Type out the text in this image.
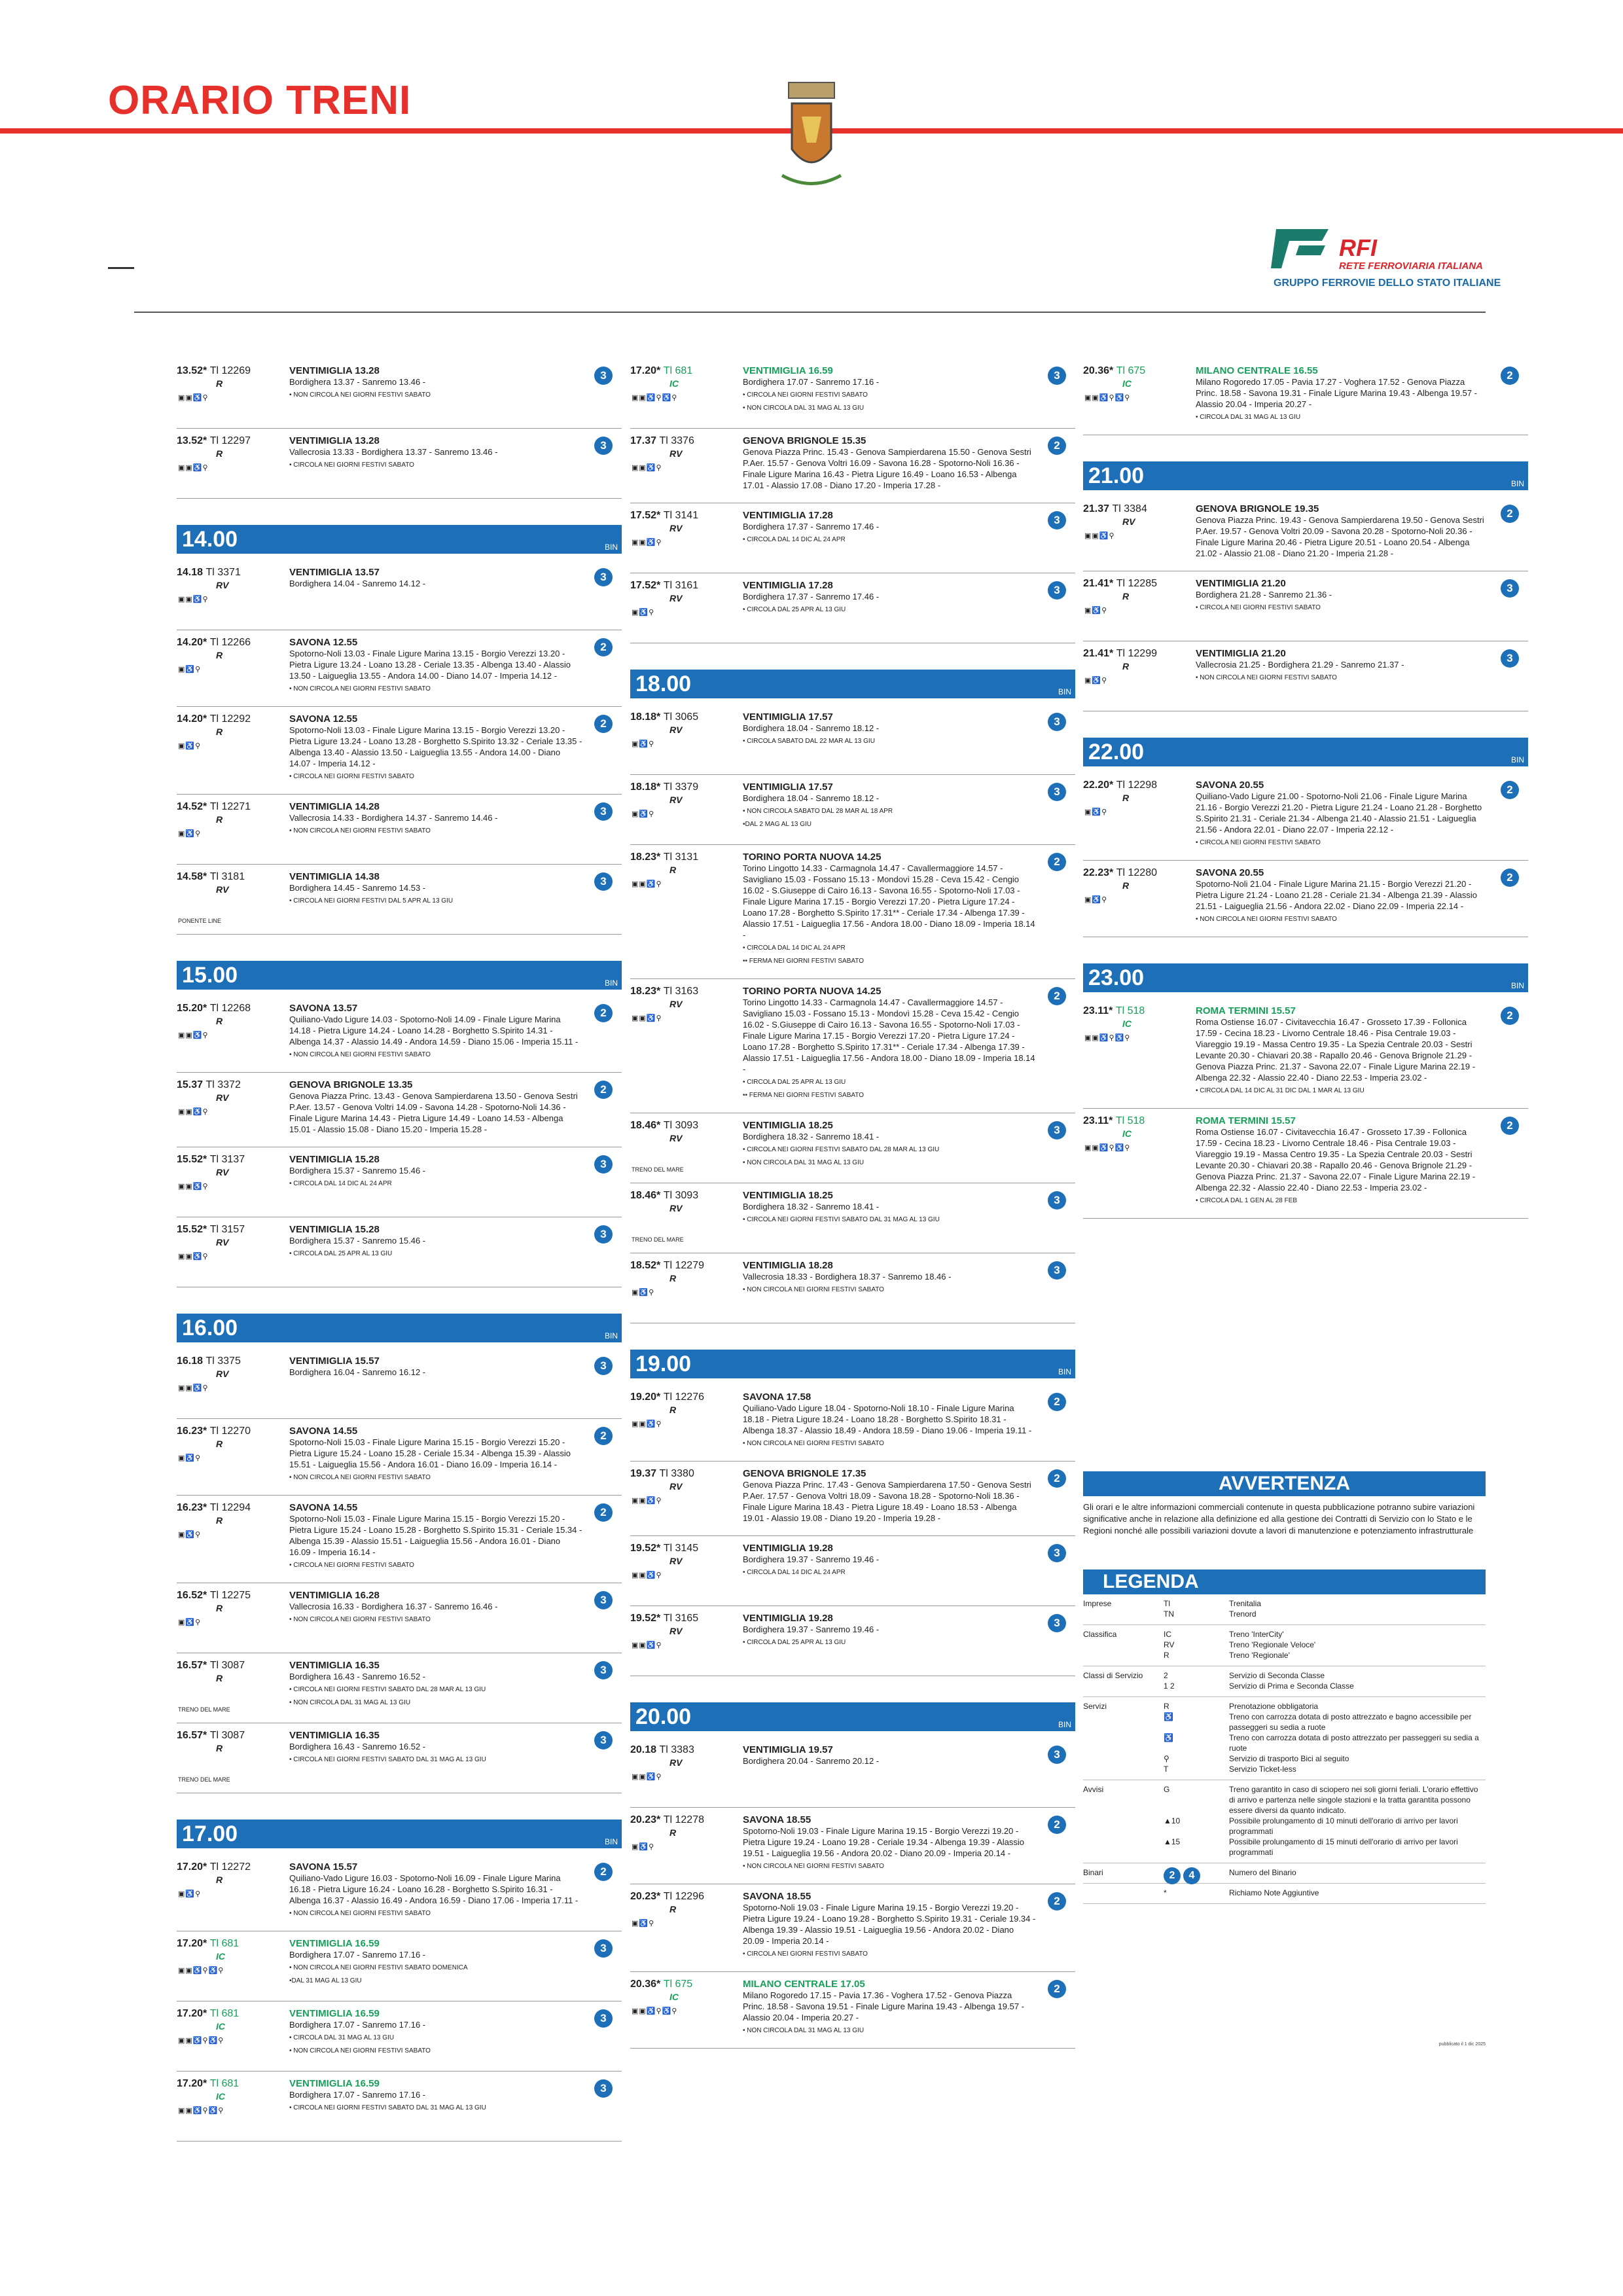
ORARIO TRENI
RFI
RETE FERROVIARIA ITALIANA
GRUPPO FERROVIE DELLO STATO ITALIANE
13.52* Tl 12269
R
▣▣♿⚲
VENTIMIGLIA 13.28
Bordighera 13.37 - Sanremo 13.46 -
• NON CIRCOLA NEI GIORNI FESTIVI SABATO
3
13.52* Tl 12297
R
▣▣♿⚲
VENTIMIGLIA 13.28
Vallecrosia 13.33 - Bordighera 13.37 - Sanremo 13.46 -
• CIRCOLA NEI GIORNI FESTIVI SABATO
3
14.00	BIN
14.18 Tl 3371
RV
▣▣♿⚲
VENTIMIGLIA 13.57
Bordighera 14.04 - Sanremo 14.12 -
3
14.20* Tl 12266
R
▣♿⚲
SAVONA 12.55
Spotorno-Noli 13.03 - Finale Ligure Marina 13.15 - Borgio Verezzi 13.20 - Pietra Ligure 13.24 - Loano 13.28 - Ceriale 13.35 - Albenga 13.40 - Alassio 13.50 - Laigueglia 13.55 - Andora 14.00 - Diano 14.07 - Imperia 14.12 -
• NON CIRCOLA NEI GIORNI FESTIVI SABATO
2
14.20* Tl 12292
R
▣♿⚲
SAVONA 12.55
Spotorno-Noli 13.03 - Finale Ligure Marina 13.15 - Borgio Verezzi 13.20 - Pietra Ligure 13.24 - Loano 13.28 - Borghetto S.Spirito 13.32 - Ceriale 13.35 - Albenga 13.40 - Alassio 13.50 - Laigueglia 13.55 - Andora 14.00 - Diano 14.07 - Imperia 14.12 -
• CIRCOLA NEI GIORNI FESTIVI SABATO
2
14.52* Tl 12271
R
▣♿⚲
VENTIMIGLIA 14.28
Vallecrosia 14.33 - Bordighera 14.37 - Sanremo 14.46 -
• NON CIRCOLA NEI GIORNI FESTIVI SABATO
3
14.58* Tl 3181
RV
PONENTE LINE
VENTIMIGLIA 14.38
Bordighera 14.45 - Sanremo 14.53 -
• CIRCOLA NEI GIORNI FESTIVI DAL 5 APR AL 13 GIU
3
15.00	BIN
15.20* Tl 12268
R
▣▣♿⚲
SAVONA 13.57
Quiliano-Vado Ligure 14.03 - Spotorno-Noli 14.09 - Finale Ligure Marina 14.18 - Pietra Ligure 14.24 - Loano 14.28 - Borghetto S.Spirito 14.31 - Albenga 14.37 - Alassio 14.49 - Andora 14.59 - Diano 15.06 - Imperia 15.11 -
• NON CIRCOLA NEI GIORNI FESTIVI SABATO
2
15.37 Tl 3372
RV
▣▣♿⚲
GENOVA BRIGNOLE 13.35
Genova Piazza Princ. 13.43 - Genova Sampierdarena 13.50 - Genova Sestri P.Aer. 13.57 - Genova Voltri 14.09 - Savona 14.28 - Spotorno-Noli 14.36 - Finale Ligure Marina 14.43 - Pietra Ligure 14.49 - Loano 14.53 - Albenga 15.01 - Alassio 15.08 - Diano 15.20 - Imperia 15.28 -
2
15.52* Tl 3137
RV
▣▣♿⚲
VENTIMIGLIA 15.28
Bordighera 15.37 - Sanremo 15.46 -
• CIRCOLA DAL 14 DIC AL 24 APR
3
15.52* Tl 3157
RV
▣▣♿⚲
VENTIMIGLIA 15.28
Bordighera 15.37 - Sanremo 15.46 -
• CIRCOLA DAL 25 APR AL 13 GIU
3
16.00	BIN
16.18 Tl 3375
RV
▣▣♿⚲
VENTIMIGLIA 15.57
Bordighera 16.04 - Sanremo 16.12 -
3
16.23* Tl 12270
R
▣♿⚲
SAVONA 14.55
Spotorno-Noli 15.03 - Finale Ligure Marina 15.15 - Borgio Verezzi 15.20 - Pietra Ligure 15.24 - Loano 15.28 - Ceriale 15.34 - Albenga 15.39 - Alassio 15.51 - Laigueglia 15.56 - Andora 16.01 - Diano 16.09 - Imperia 16.14 -
• NON CIRCOLA NEI GIORNI FESTIVI SABATO
2
16.23* Tl 12294
R
▣♿⚲
SAVONA 14.55
Spotorno-Noli 15.03 - Finale Ligure Marina 15.15 - Borgio Verezzi 15.20 - Pietra Ligure 15.24 - Loano 15.28 - Borghetto S.Spirito 15.31 - Ceriale 15.34 - Albenga 15.39 - Alassio 15.51 - Laigueglia 15.56 - Andora 16.01 - Diano 16.09 - Imperia 16.14 -
• CIRCOLA NEI GIORNI FESTIVI SABATO
2
16.52* Tl 12275
R
▣♿⚲
VENTIMIGLIA 16.28
Vallecrosia 16.33 - Bordighera 16.37 - Sanremo 16.46 -
• NON CIRCOLA NEI GIORNI FESTIVI SABATO
3
16.57* Tl 3087
R
TRENO DEL MARE
VENTIMIGLIA 16.35
Bordighera 16.43 - Sanremo 16.52 -
• CIRCOLA NEI GIORNI FESTIVI SABATO DAL 28 MAR AL 13 GIU
• NON CIRCOLA DAL 31 MAG AL 13 GIU
3
16.57* Tl 3087
R
TRENO DEL MARE
VENTIMIGLIA 16.35
Bordighera 16.43 - Sanremo 16.52 -
• CIRCOLA NEI GIORNI FESTIVI SABATO DAL 31 MAG AL 13 GIU
3
17.00	BIN
17.20* Tl 12272
R
▣♿⚲
SAVONA 15.57
Quiliano-Vado Ligure 16.03 - Spotorno-Noli 16.09 - Finale Ligure Marina 16.18 - Pietra Ligure 16.24 - Loano 16.28 - Borghetto S.Spirito 16.31 - Albenga 16.37 - Alassio 16.49 - Andora 16.59 - Diano 17.06 - Imperia 17.11 -
• NON CIRCOLA NEI GIORNI FESTIVI SABATO
2
17.20* Tl 681
IC
▣▣♿⚲♿⚲
VENTIMIGLIA 16.59
Bordighera 17.07 - Sanremo 17.16 -
• NON CIRCOLA NEI GIORNI FESTIVI SABATO DOMENICA
•DAL 31 MAG AL 13 GIU
3
17.20* Tl 681
IC
▣▣♿⚲♿⚲
VENTIMIGLIA 16.59
Bordighera 17.07 - Sanremo 17.16 -
• CIRCOLA DAL 31 MAG AL 13 GIU
• NON CIRCOLA NEI GIORNI FESTIVI SABATO
3
17.20* Tl 681
IC
▣▣♿⚲♿⚲
VENTIMIGLIA 16.59
Bordighera 17.07 - Sanremo 17.16 -
• CIRCOLA NEI GIORNI FESTIVI SABATO DAL 31 MAG AL 13 GIU
3
17.20* Tl 681
IC
▣▣♿⚲♿⚲
VENTIMIGLIA 16.59
Bordighera 17.07 - Sanremo 17.16 -
• CIRCOLA NEI GIORNI FESTIVI SABATO
• NON CIRCOLA DAL 31 MAG AL 13 GIU
3
17.37 Tl 3376
RV
▣▣♿⚲
GENOVA BRIGNOLE 15.35
Genova Piazza Princ. 15.43 - Genova Sampierdarena 15.50 - Genova Sestri P.Aer. 15.57 - Genova Voltri 16.09 - Savona 16.28 - Spotorno-Noli 16.36 - Finale Ligure Marina 16.43 - Pietra Ligure 16.49 - Loano 16.53 - Albenga 17.01 - Alassio 17.08 - Diano 17.20 - Imperia 17.28 -
2
17.52* Tl 3141
RV
▣▣♿⚲
VENTIMIGLIA 17.28
Bordighera 17.37 - Sanremo 17.46 -
• CIRCOLA DAL 14 DIC AL 24 APR
3
17.52* Tl 3161
RV
▣♿⚲
VENTIMIGLIA 17.28
Bordighera 17.37 - Sanremo 17.46 -
• CIRCOLA DAL 25 APR AL 13 GIU
3
18.00	BIN
18.18* Tl 3065
RV
▣♿⚲
VENTIMIGLIA 17.57
Bordighera 18.04 - Sanremo 18.12 -
• CIRCOLA SABATO DAL 22 MAR AL 13 GIU
3
18.18* Tl 3379
RV
▣♿⚲
VENTIMIGLIA 17.57
Bordighera 18.04 - Sanremo 18.12 -
• NON CIRCOLA SABATO DAL 28 MAR AL 18 APR
•DAL 2 MAG AL 13 GIU
3
18.23* Tl 3131
R
▣▣♿⚲
TORINO PORTA NUOVA 14.25
Torino Lingotto 14.33 - Carmagnola 14.47 - Cavallermaggiore 14.57 - Savigliano 15.03 - Fossano 15.13 - Mondovì 15.28 - Ceva 15.42 - Cengio 16.02 - S.Giuseppe di Cairo 16.13 - Savona 16.55 - Spotorno-Noli 17.03 - Finale Ligure Marina 17.15 - Borgio Verezzi 17.20 - Pietra Ligure 17.24 - Loano 17.28 - Borghetto S.Spirito 17.31** - Ceriale 17.34 - Albenga 17.39 - Alassio 17.51 - Laigueglia 17.56 - Andora 18.00 - Diano 18.09 - Imperia 18.14 -
• CIRCOLA DAL 14 DIC AL 24 APR
•• FERMA NEI GIORNI FESTIVI SABATO
2
18.23* Tl 3163
RV
▣▣♿⚲
TORINO PORTA NUOVA 14.25
Torino Lingotto 14.33 - Carmagnola 14.47 - Cavallermaggiore 14.57 - Savigliano 15.03 - Fossano 15.13 - Mondovì 15.28 - Ceva 15.42 - Cengio 16.02 - S.Giuseppe di Cairo 16.13 - Savona 16.55 - Spotorno-Noli 17.03 - Finale Ligure Marina 17.15 - Borgio Verezzi 17.20 - Pietra Ligure 17.24 - Loano 17.28 - Borghetto S.Spirito 17.31** - Ceriale 17.34 - Albenga 17.39 - Alassio 17.51 - Laigueglia 17.56 - Andora 18.00 - Diano 18.09 - Imperia 18.14 -
• CIRCOLA DAL 25 APR AL 13 GIU
•• FERMA NEI GIORNI FESTIVI SABATO
2
18.46* Tl 3093
RV
TRENO DEL MARE
VENTIMIGLIA 18.25
Bordighera 18.32 - Sanremo 18.41 -
• CIRCOLA NEI GIORNI FESTIVI SABATO DAL 28 MAR AL 13 GIU
• NON CIRCOLA DAL 31 MAG AL 13 GIU
3
18.46* Tl 3093
RV
TRENO DEL MARE
VENTIMIGLIA 18.25
Bordighera 18.32 - Sanremo 18.41 -
• CIRCOLA NEI GIORNI FESTIVI SABATO DAL 31 MAG AL 13 GIU
3
18.52* Tl 12279
R
▣♿⚲
VENTIMIGLIA 18.28
Vallecrosia 18.33 - Bordighera 18.37 - Sanremo 18.46 -
• NON CIRCOLA NEI GIORNI FESTIVI SABATO
3
19.00	BIN
19.20* Tl 12276
R
▣▣♿⚲
SAVONA 17.58
Quiliano-Vado Ligure 18.04 - Spotorno-Noli 18.10 - Finale Ligure Marina 18.18 - Pietra Ligure 18.24 - Loano 18.28 - Borghetto S.Spirito 18.31 - Albenga 18.37 - Alassio 18.49 - Andora 18.59 - Diano 19.06 - Imperia 19.11 -
• NON CIRCOLA NEI GIORNI FESTIVI SABATO
2
19.37 Tl 3380
RV
▣▣♿⚲
GENOVA BRIGNOLE 17.35
Genova Piazza Princ. 17.43 - Genova Sampierdarena 17.50 - Genova Sestri P.Aer. 17.57 - Genova Voltri 18.09 - Savona 18.28 - Spotorno-Noli 18.36 - Finale Ligure Marina 18.43 - Pietra Ligure 18.49 - Loano 18.53 - Albenga 19.01 - Alassio 19.08 - Diano 19.20 - Imperia 19.28 -
2
19.52* Tl 3145
RV
▣▣♿⚲
VENTIMIGLIA 19.28
Bordighera 19.37 - Sanremo 19.46 -
• CIRCOLA DAL 14 DIC AL 24 APR
3
19.52* Tl 3165
RV
▣▣♿⚲
VENTIMIGLIA 19.28
Bordighera 19.37 - Sanremo 19.46 -
• CIRCOLA DAL 25 APR AL 13 GIU
3
20.00	BIN
20.18 Tl 3383
RV
▣▣♿⚲
VENTIMIGLIA 19.57
Bordighera 20.04 - Sanremo 20.12 -
3
20.23* Tl 12278
R
▣♿⚲
SAVONA 18.55
Spotorno-Noli 19.03 - Finale Ligure Marina 19.15 - Borgio Verezzi 19.20 - Pietra Ligure 19.24 - Loano 19.28 - Ceriale 19.34 - Albenga 19.39 - Alassio 19.51 - Laigueglia 19.56 - Andora 20.02 - Diano 20.09 - Imperia 20.14 -
• NON CIRCOLA NEI GIORNI FESTIVI SABATO
2
20.23* Tl 12296
R
▣♿⚲
SAVONA 18.55
Spotorno-Noli 19.03 - Finale Ligure Marina 19.15 - Borgio Verezzi 19.20 - Pietra Ligure 19.24 - Loano 19.28 - Borghetto S.Spirito 19.31 - Ceriale 19.34 - Albenga 19.39 - Alassio 19.51 - Laigueglia 19.56 - Andora 20.02 - Diano 20.09 - Imperia 20.14 -
• CIRCOLA NEI GIORNI FESTIVI SABATO
2
20.36* Tl 675
IC
▣▣♿⚲♿⚲
MILANO CENTRALE 17.05
Milano Rogoredo 17.15 - Pavia 17.36 - Voghera 17.52 - Genova Piazza Princ. 18.58 - Savona 19.51 - Finale Ligure Marina 19.43 - Albenga 19.57 - Alassio 20.04 - Imperia 20.27 -
• NON CIRCOLA DAL 31 MAG AL 13 GIU
2
20.36* Tl 675
IC
▣▣♿⚲♿⚲
MILANO CENTRALE 16.55
Milano Rogoredo 17.05 - Pavia 17.27 - Voghera 17.52 - Genova Piazza Princ. 18.58 - Savona 19.31 - Finale Ligure Marina 19.43 - Albenga 19.57 - Alassio 20.04 - Imperia 20.27 -
• CIRCOLA DAL 31 MAG AL 13 GIU
2
21.00	BIN
21.37 Tl 3384
RV
▣▣♿⚲
GENOVA BRIGNOLE 19.35
Genova Piazza Princ. 19.43 - Genova Sampierdarena 19.50 - Genova Sestri P.Aer. 19.57 - Genova Voltri 20.09 - Savona 20.28 - Spotorno-Noli 20.36 - Finale Ligure Marina 20.46 - Pietra Ligure 20.51 - Loano 20.54 - Albenga 21.02 - Alassio 21.08 - Diano 21.20 - Imperia 21.28 -
2
21.41* Tl 12285
R
▣♿⚲
VENTIMIGLIA 21.20
Bordighera 21.28 - Sanremo 21.36 -
• CIRCOLA NEI GIORNI FESTIVI SABATO
3
21.41* Tl 12299
R
▣♿⚲
VENTIMIGLIA 21.20
Vallecrosia 21.25 - Bordighera 21.29 - Sanremo 21.37 -
• NON CIRCOLA NEI GIORNI FESTIVI SABATO
3
22.00	BIN
22.20* Tl 12298
R
▣♿⚲
SAVONA 20.55
Quiliano-Vado Ligure 21.00 - Spotorno-Noli 21.06 - Finale Ligure Marina 21.16 - Borgio Verezzi 21.20 - Pietra Ligure 21.24 - Loano 21.28 - Borghetto S.Spirito 21.31 - Ceriale 21.34 - Albenga 21.40 - Alassio 21.51 - Laigueglia 21.56 - Andora 22.01 - Diano 22.07 - Imperia 22.12 -
• CIRCOLA NEI GIORNI FESTIVI SABATO
2
22.23* Tl 12280
R
▣♿⚲
SAVONA 20.55
Spotorno-Noli 21.04 - Finale Ligure Marina 21.15 - Borgio Verezzi 21.20 - Pietra Ligure 21.24 - Loano 21.28 - Ceriale 21.34 - Albenga 21.39 - Alassio 21.51 - Laigueglia 21.56 - Andora 22.02 - Diano 22.09 - Imperia 22.14 -
• NON CIRCOLA NEI GIORNI FESTIVI SABATO
2
23.00	BIN
23.11* Tl 518
IC
▣▣♿⚲♿⚲
ROMA TERMINI 15.57
Roma Ostiense 16.07 - Civitavecchia 16.47 - Grosseto 17.39 - Follonica 17.59 - Cecina 18.23 - Livorno Centrale 18.46 - Pisa Centrale 19.03 - Viareggio 19.19 - Massa Centro 19.35 - La Spezia Centrale 20.03 - Sestri Levante 20.30 - Chiavari 20.38 - Rapallo 20.46 - Genova Brignole 21.29 - Genova Piazza Princ. 21.37 - Savona 22.07 - Finale Ligure Marina 22.19 - Albenga 22.32 - Alassio 22.40 - Diano 22.53 - Imperia 23.02 -
• CIRCOLA DAL 14 DIC AL 31 DIC DAL 1 MAR AL 13 GIU
2
23.11* Tl 518
IC
▣▣♿⚲♿⚲
ROMA TERMINI 15.57
Roma Ostiense 16.07 - Civitavecchia 16.47 - Grosseto 17.39 - Follonica 17.59 - Cecina 18.23 - Livorno Centrale 18.46 - Pisa Centrale 19.03 - Viareggio 19.19 - Massa Centro 19.35 - La Spezia Centrale 20.03 - Sestri Levante 20.30 - Chiavari 20.38 - Rapallo 20.46 - Genova Brignole 21.29 - Genova Piazza Princ. 21.37 - Savona 22.07 - Finale Ligure Marina 22.19 - Albenga 22.32 - Alassio 22.40 - Diano 22.53 - Imperia 23.02 -
• CIRCOLA DAL 1 GEN AL 28 FEB
2
AVVERTENZA

Gli orari e le altre informazioni commerciali contenute in questa pubblicazione potranno subire variazioni significative anche in relazione alla definizione ed alla gestione dei Contratti di Servizio con lo Stato e le Regioni nonché alle possibili variazioni dovute a lavori di manutenzione e potenziamento infrastrutturale

LEGENDA
Imprese	Tl	Trenitalia
TN	Trenord
Classifica	IC	Treno 'InterCity'
RV	Treno 'Regionale Veloce'
R	Treno 'Regionale'
Classi di Servizio	2	Servizio di Seconda Classe
1 2	Servizio di Prima e Seconda Classe
Servizi	R	Prenotazione obbligatoria
♿	Treno con carrozza dotata di posto attrezzato e bagno accessibile per passeggeri su sedia a ruote
♿	Treno con carrozza dotata di posto attrezzato per passeggeri su sedia a ruote
⚲	Servizio di trasporto Bici al seguito
T	Servizio Ticket-less
Avvisi	G	Treno garantito in caso di sciopero nei soli giorni feriali. L'orario effettivo di arrivo e partenza nelle singole stazioni e la tratta garantita possono essere diversi da quanto indicato.
▲10	Possibile prolungamento di 10 minuti dell'orario di arrivo per lavori programmati
▲15	Possibile prolungamento di 15 minuti dell'orario di arrivo per lavori programmati
Binari	2 4	Numero del Binario
*	Richiamo Note Aggiuntive
pubblicato il 1 dic 2025
